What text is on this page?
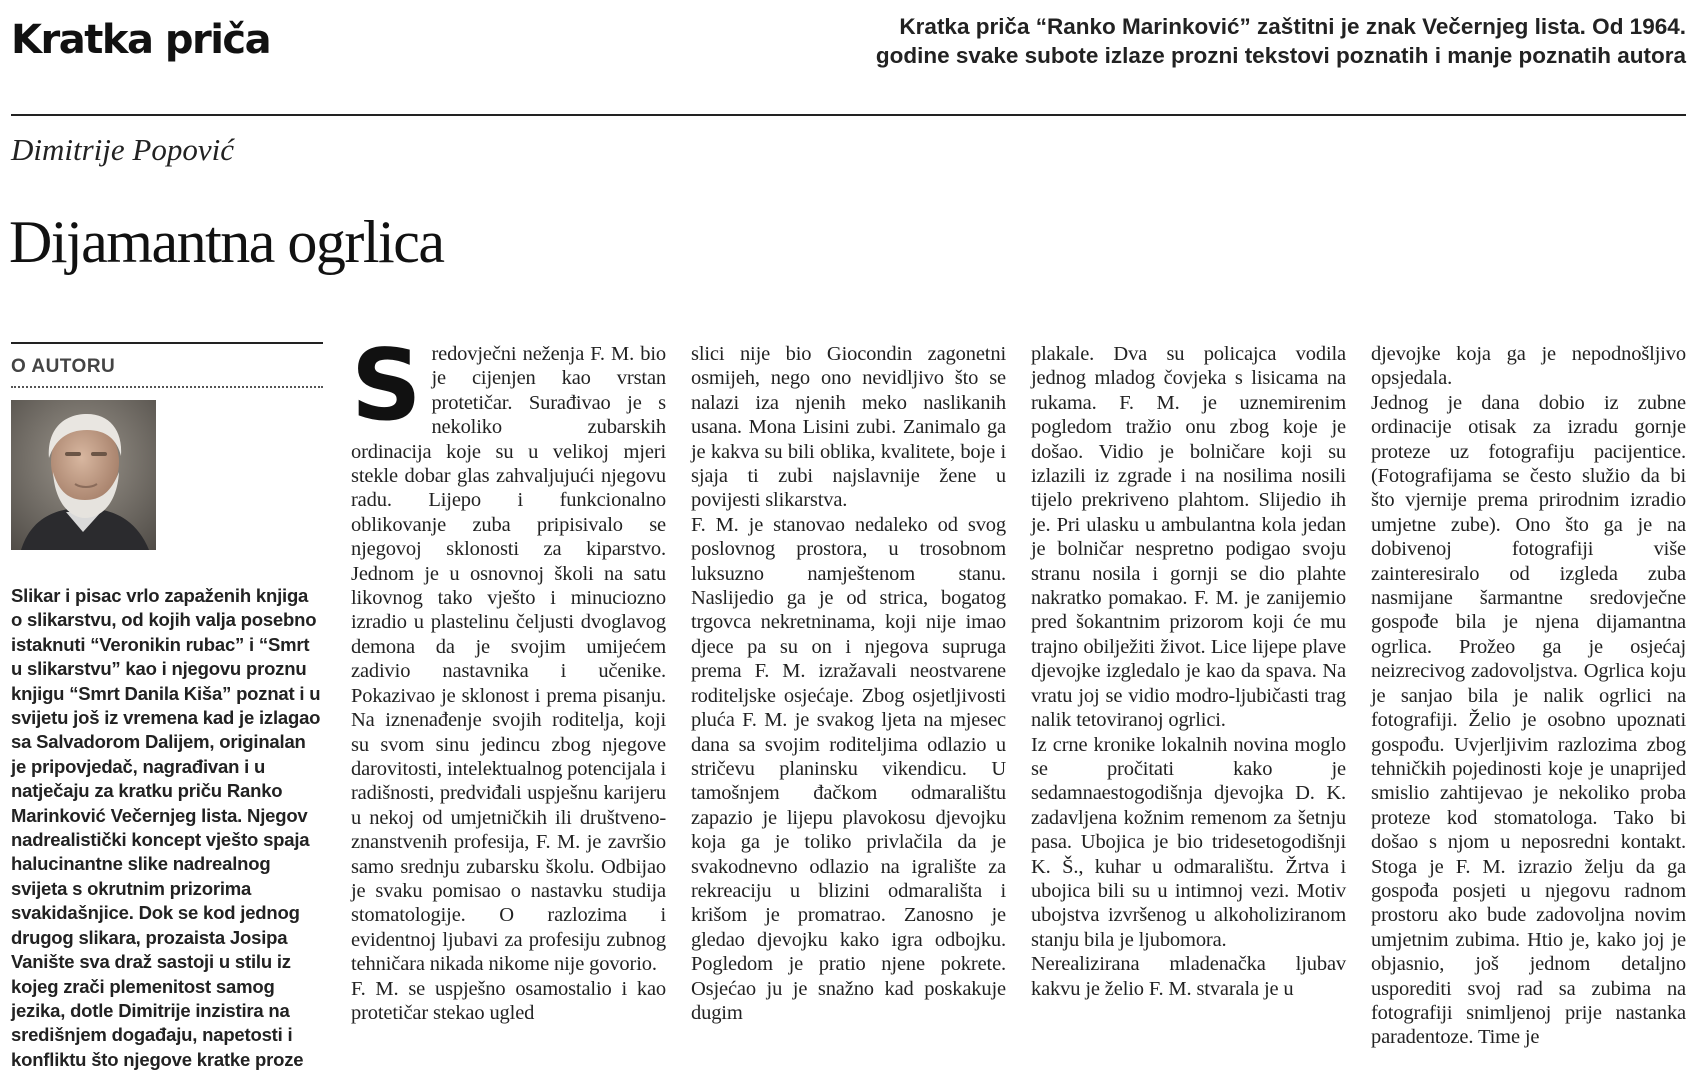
Kratka priča	Kratka priča “Ranko Marinković” zaštitni je znak Večernjeg lista. Od 1964.
godine svake subote izlaze prozni tekstovi poznatih i manje poznatih autora
Dimitrije Popović
Dijamantna ogrlica
O AUTORU
Slikar i pisac vrlo zapaženih knjiga o slikarstvu, od kojih valja posebno istaknuti “Veronikin rubac” i “Smrt u slikarstvu” kao i njegovu proznu knjigu “Smrt Danila Kiša” poznat i u svijetu još iz vremena kad je izlagao sa Salvadorom Dalijem, originalan je pripovjedač, nagrađivan i u natječaju za kratku priču Ranko Marinković Večernjeg lista. Njegov nadrealistički koncept vješto spaja halucinantne slike nadrealnog svijeta s okrutnim prizorima svakidašnjice. Dok se kod jednog drugog slikara, prozaista Josipa Vanište sva draž sastoji u stilu iz kojeg zrači plemenitost samog jezika, dotle Dimitrije inzistira na središnjem događaju, napetosti i konfliktu što njegove kratke proze

Sredovječni neženja F. M. bio je cijenjen kao vrstan protetičar. Surađivao je s nekoliko zubarskih ordinacija koje su u velikoj mjeri stekle dobar glas zahvaljujući njegovu radu. Lijepo i funkcionalno oblikovanje zuba pripisivalo se njegovoj sklonosti za kiparstvo. Jednom je u osnovnoj školi na satu likovnog tako vješto i minuciozno izradio u plastelinu čeljusti dvoglavog demona da je svojim umijećem zadivio nastavnika i učenike. Pokazivao je sklonost i prema pisanju. Na iznenađenje svojih roditelja, koji su svom sinu jedincu zbog njegove darovitosti, intelektualnog potencijala i radišnosti, predviđali uspješnu karijeru u nekoj od umjetničkih ili društveno-znanstvenih profesija, F. M. je završio samo srednju zubarsku školu. Odbijao je svaku pomisao o nastavku studija stomatologije. O razlozima i evidentnoj ljubavi za profesiju zubnog tehničara nikada nikome nije govorio.

F. M. se uspješno osamostalio i kao protetičar stekao ugled

slici nije bio Giocondin zagonetni osmijeh, nego ono nevidljivo što se nalazi iza njenih meko naslikanih usana. Mona Lisini zubi. Zanimalo ga je kakva su bili oblika, kvalitete, boje i sjaja ti zubi najslavnije žene u povijesti slikarstva.

F. M. je stanovao nedaleko od svog poslovnog prostora, u trosobnom luksuzno namještenom stanu. Naslijedio ga je od strica, bogatog trgovca nekretninama, koji nije imao djece pa su on i njegova supruga prema F. M. izražavali neostvarene roditeljske osjećaje. Zbog osjetljivosti pluća F. M. je svakog ljeta na mjesec dana sa svojim roditeljima odlazio u stričevu planinsku vikendicu. U tamošnjem đačkom odmaralištu zapazio je lijepu plavokosu djevojku koja ga je toliko privlačila da je svakodnevno odlazio na igralište za rekreaciju u blizini odmarališta i krišom je promatrao. Zanosno je gledao djevojku kako igra odbojku. Pogledom je pratio njene pokrete. Osjećao ju je snažno kad poskakuje dugim

plakale. Dva su policajca vodila jednog mladog čovjeka s lisicama na rukama. F. M. je uznemirenim pogledom tražio onu zbog koje je došao. Vidio je bolničare koji su izlazili iz zgrade i na nosilima nosili tijelo prekriveno plahtom. Slijedio ih je. Pri ulasku u ambulantna kola jedan je bolničar nespretno podigao svoju stranu nosila i gornji se dio plahte nakratko pomakao. F. M. je zanijemio pred šokantnim prizorom koji će mu trajno obilježiti život. Lice lijepe plave djevojke izgledalo je kao da spava. Na vratu joj se vidio modro-ljubičasti trag nalik tetoviranoj ogrlici.

Iz crne kronike lokalnih novina moglo se pročitati kako je sedamnaestogodišnja djevojka D. K. zadavljena kožnim remenom za šetnju pasa. Ubojica je bio tridesetogodišnji K. Š., kuhar u odmaralištu. Žrtva i ubojica bili su u intimnoj vezi. Motiv ubojstva izvršenog u alkoholiziranom stanju bila je ljubomora.

Nerealizirana mladenačka ljubav kakvu je želio F. M. stvarala je u

djevojke koja ga je nepodnošljivo opsjedala.

Jednog je dana dobio iz zubne ordinacije otisak za izradu gornje proteze uz fotografiju pacijentice. (Fotografijama se često služio da bi što vjernije prema prirodnim izradio umjetne zube). Ono što ga je na dobivenoj fotografiji više zainteresiralo od izgleda zuba nasmijane šarmantne sredovječne gospođe bila je njena dijamantna ogrlica. Prožeo ga je osjećaj neizrecivog zadovoljstva. Ogrlica koju je sanjao bila je nalik ogrlici na fotografiji. Želio je osobno upoznati gospođu. Uvjerljivim razlozima zbog tehničkih pojedinosti koje je unaprijed smislio zahtijevao je nekoliko proba proteze kod stomatologa. Tako bi došao s njom u neposredni kontakt. Stoga je F. M. izrazio želju da ga gospođa posjeti u njegovu radnom prostoru ako bude zadovoljna novim umjetnim zubima. Htio je, kako joj je objasnio, još jednom detaljno usporediti svoj rad sa zubima na fotografiji snimljenoj prije nastanka paradentoze. Time je
